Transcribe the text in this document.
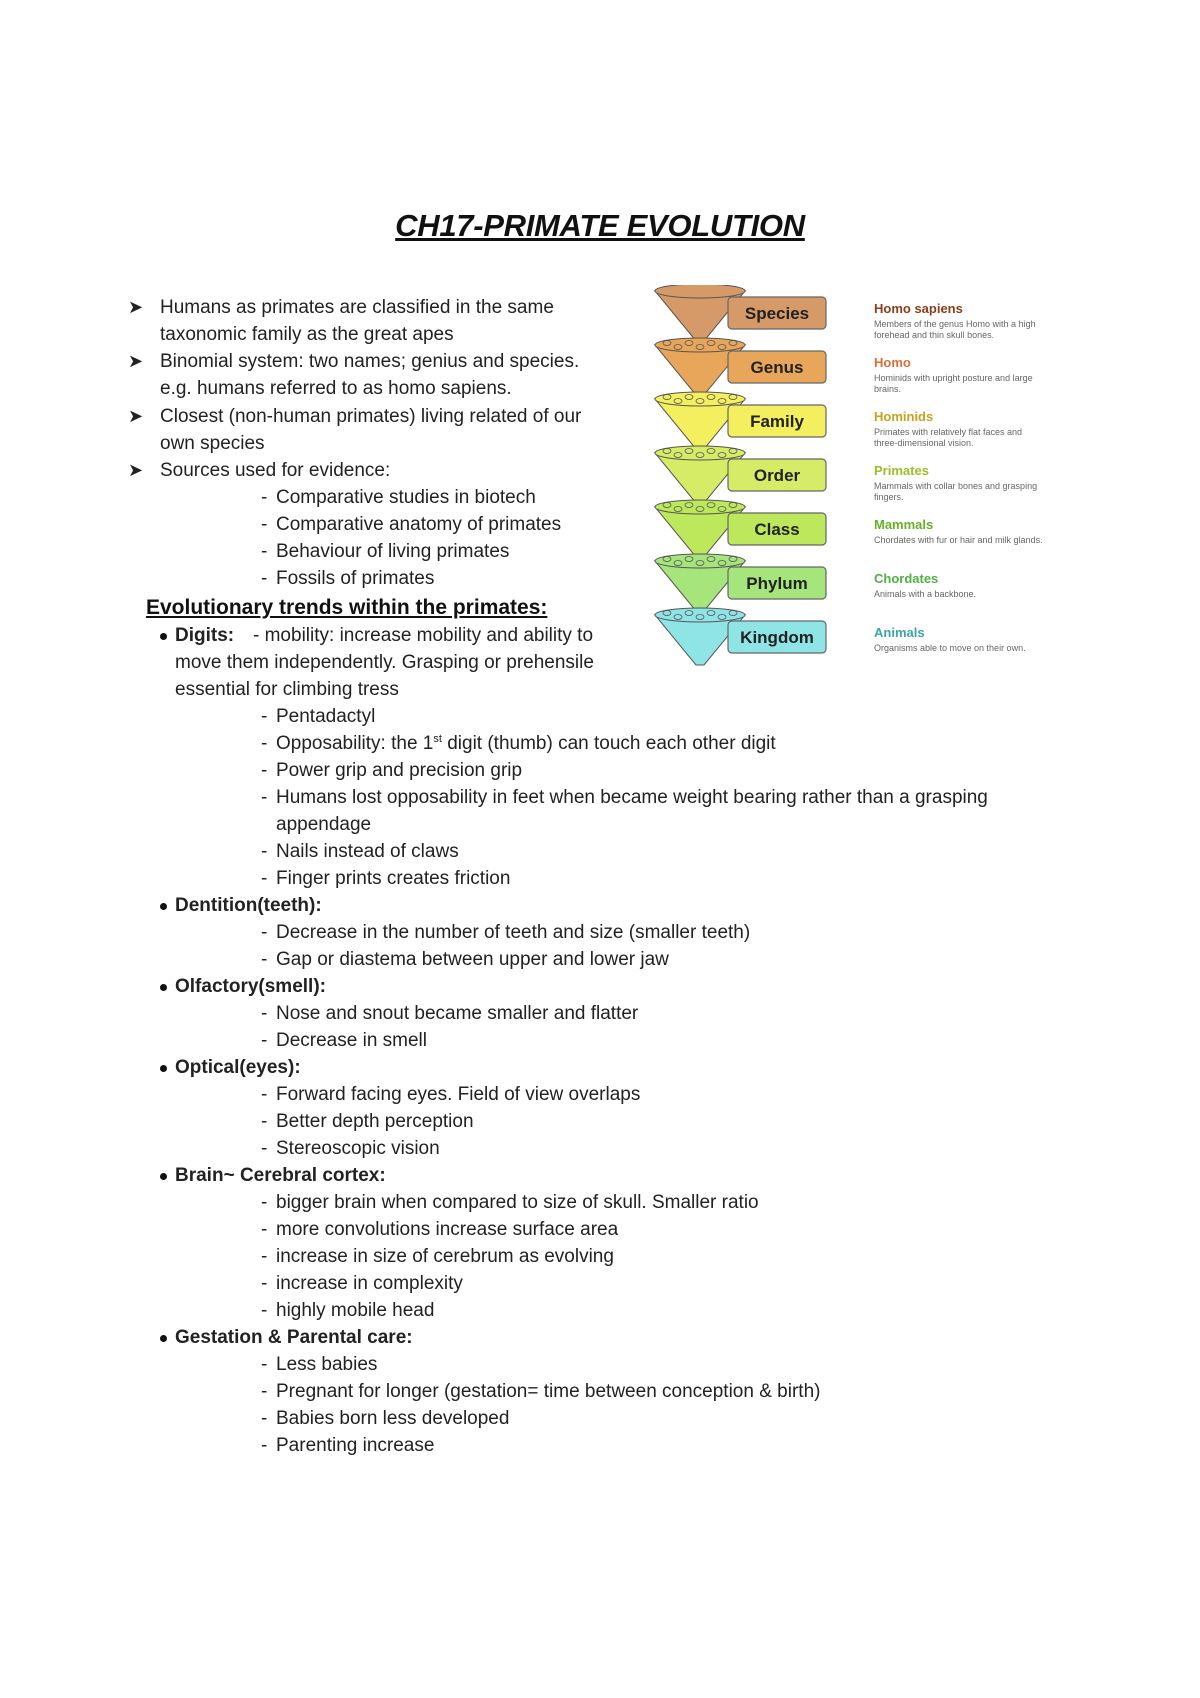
CH17-PRIMATE EVOLUTION
➤ Humans as primates are classified in the same
taxonomic family as the great apes
➤ Binomial system: two names; genius and species.
e.g. humans referred to as homo sapiens.
➤ Closest (non-human primates) living related of our
own species
➤ Sources used for evidence:
- Comparative studies in biotech
- Comparative anatomy of primates
- Behaviour of living primates
- Fossils of primates
Evolutionary trends within the primates:
Digits: - mobility: increase mobility and ability to
move them independently. Grasping or prehensile
essential for climbing tress
- Pentadactyl
- Opposability: the 1st digit (thumb) can touch each other digit
- Power grip and precision grip
- Humans lost opposability in feet when became weight bearing rather than a grasping
appendage
- Nails instead of claws
- Finger prints creates friction
Dentition(teeth):
- Decrease in the number of teeth and size (smaller teeth)
- Gap or diastema between upper and lower jaw
Olfactory(smell):
- Nose and snout became smaller and flatter
- Decrease in smell
Optical(eyes):
- Forward facing eyes. Field of view overlaps
- Better depth perception
- Stereoscopic vision
Brain~ Cerebral cortex:
- bigger brain when compared to size of skull. Smaller ratio
- more convolutions increase surface area
- increase in size of cerebrum as evolving
- increase in complexity
- highly mobile head
Gestation & Parental care:
- Less babies
- Pregnant for longer (gestation= time between conception & birth)
- Babies born less developed
- Parenting increase
Species
Genus
Family
Order
Class
Phylum
Kingdom
Homo sapiens
Members of the genus Homo with a high forehead and thin skull bones.
Homo
Hominids with upright posture and large brains.
Hominids
Primates with relatively flat faces and three-dimensional vision.
Primates
Mammals with collar bones and grasping fingers.
Mammals
Chordates with fur or hair and milk glands.
Chordates
Animals with a backbone.
Animals
Organisms able to move on their own.
